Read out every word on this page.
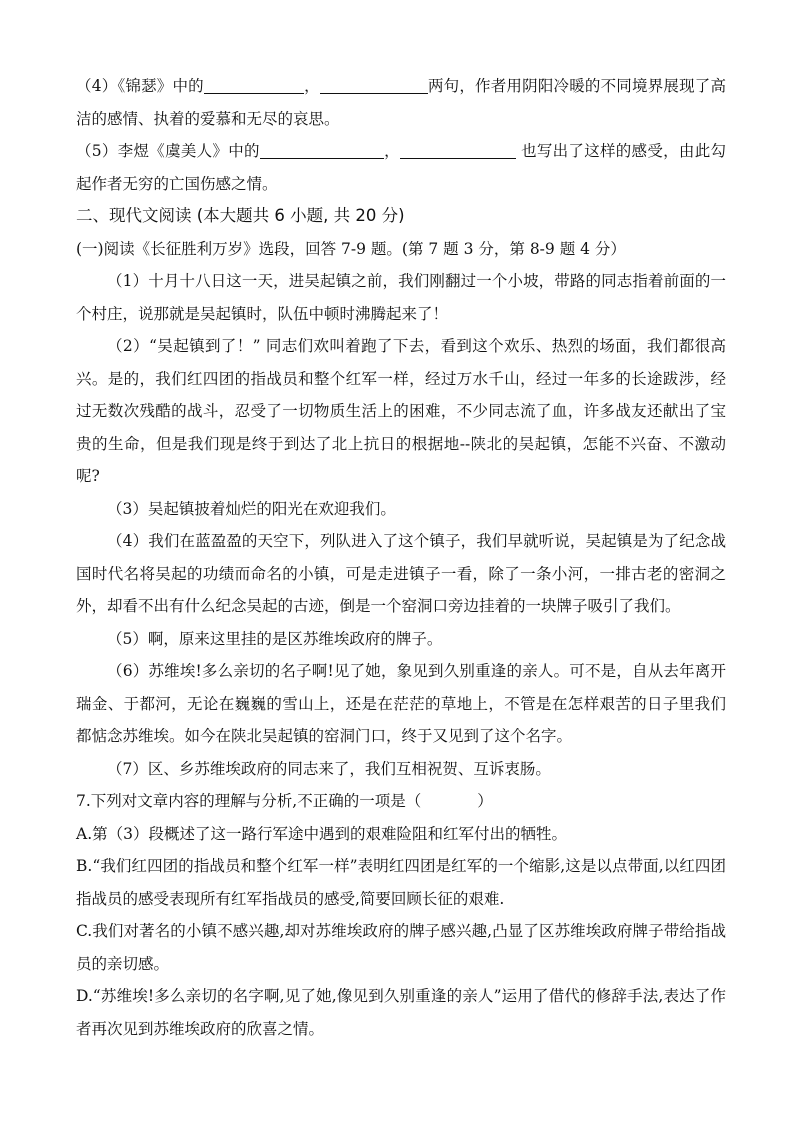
（4）《锦瑟》中的	，	两句，作者用阴阳冷暖的不同境界展现了高洁的感情、执着的爱慕和无尽的哀思。

（5）李煜《虞美人》中的	，	也写出了这样的感受，由此勾起作者无穷的亡国伤感之情。

二、现代文阅读 (本大题共 6 小题, 共 20 分)

(一)阅读《长征胜利万岁》选段，回答 7-9 题。(第 7 题 3 分，第 8-9 题 4 分）

（1）十月十八日这一天，进吴起镇之前，我们刚翻过一个小坡，带路的同志指着前面的一个村庄，说那就是吴起镇时，队伍中顿时沸腾起来了！

（2）“吴起镇到了！” 同志们欢叫着跑了下去，看到这个欢乐、热烈的场面，我们都很高兴。是的，我们红四团的指战员和整个红军一样，经过万水千山，经过一年多的长途跋涉，经过无数次残酷的战斗，忍受了一切物质生活上的困难，不少同志流了血，许多战友还献出了宝贵的生命，但是我们现是终于到达了北上抗日的根据地--陕北的吴起镇，怎能不兴奋、不激动呢?

（3）吴起镇披着灿烂的阳光在欢迎我们。

（4）我们在蓝盈盈的天空下，列队进入了这个镇子，我们早就听说，吴起镇是为了纪念战国时代名将吴起的功绩而命名的小镇，可是走进镇子一看，除了一条小河，一排古老的密洞之外，却看不出有什么纪念吴起的古迹，倒是一个窑洞口旁边挂着的一块牌子吸引了我们。

（5）啊，原来这里挂的是区苏维埃政府的牌子。

（6）苏维埃!多么亲切的名子啊!见了她，象见到久别重逢的亲人。可不是，自从去年离开瑞金、于都河，无论在巍巍的雪山上，还是在茫茫的草地上，不管是在怎样艰苦的日子里我们都惦念苏维埃。如今在陕北吴起镇的窑洞门口，终于又见到了这个名字。

（7）区、乡苏维埃政府的同志来了，我们互相祝贺、互诉衷肠。

7.下列对文章内容的理解与分析,不正确的一项是（	）

A.第（3）段概述了这一路行军途中遇到的艰难险阻和红军付出的牺牲。

B.“我们红四团的指战员和整个红军一样”表明红四团是红军的一个缩影,这是以点带面,以红四团指战员的感受表现所有红军指战员的感受,简要回顾长征的艰难.

C.我们对著名的小镇不感兴趣,却对苏维埃政府的牌子感兴趣,凸显了区苏维埃政府牌子带给指战员的亲切感。

D.“苏维埃!多么亲切的名字啊,见了她,像见到久别重逢的亲人”运用了借代的修辞手法,表达了作者再次见到苏维埃政府的欣喜之情。
